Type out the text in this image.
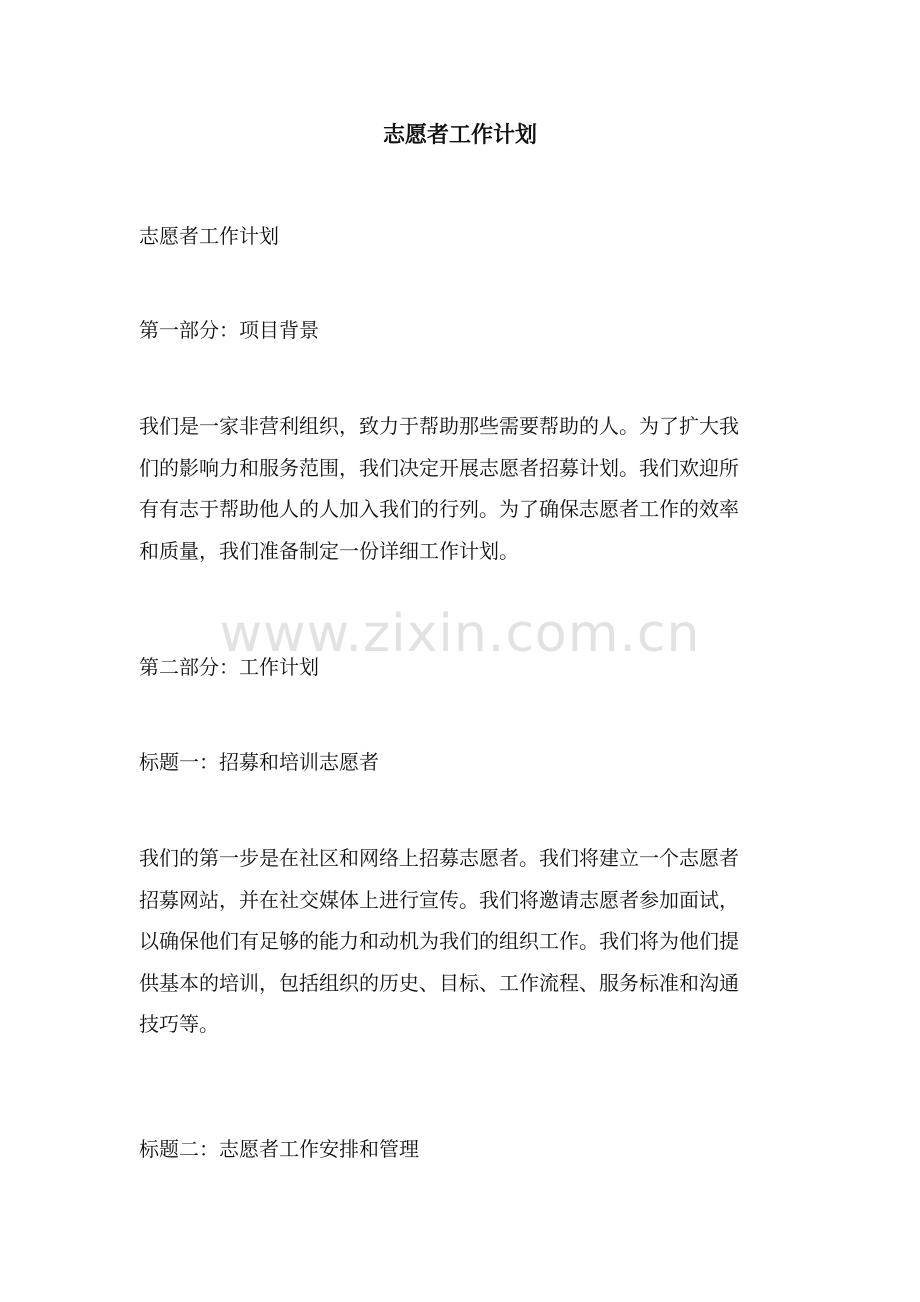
志愿者工作计划
志愿者工作计划
第一部分：项目背景
我们是一家非营利组织，致力于帮助那些需要帮助的人。为了扩大我
们的影响力和服务范围，我们决定开展志愿者招募计划。我们欢迎所
有有志于帮助他人的人加入我们的行列。为了确保志愿者工作的效率
和质量，我们准备制定一份详细工作计划。
第二部分：工作计划
标题一：招募和培训志愿者
我们的第一步是在社区和网络上招募志愿者。我们将建立一个志愿者
招募网站，并在社交媒体上进行宣传。我们将邀请志愿者参加面试，
以确保他们有足够的能力和动机为我们的组织工作。我们将为他们提
供基本的培训，包括组织的历史、目标、工作流程、服务标准和沟通
技巧等。
标题二：志愿者工作安排和管理
www.zixin.com.cn
